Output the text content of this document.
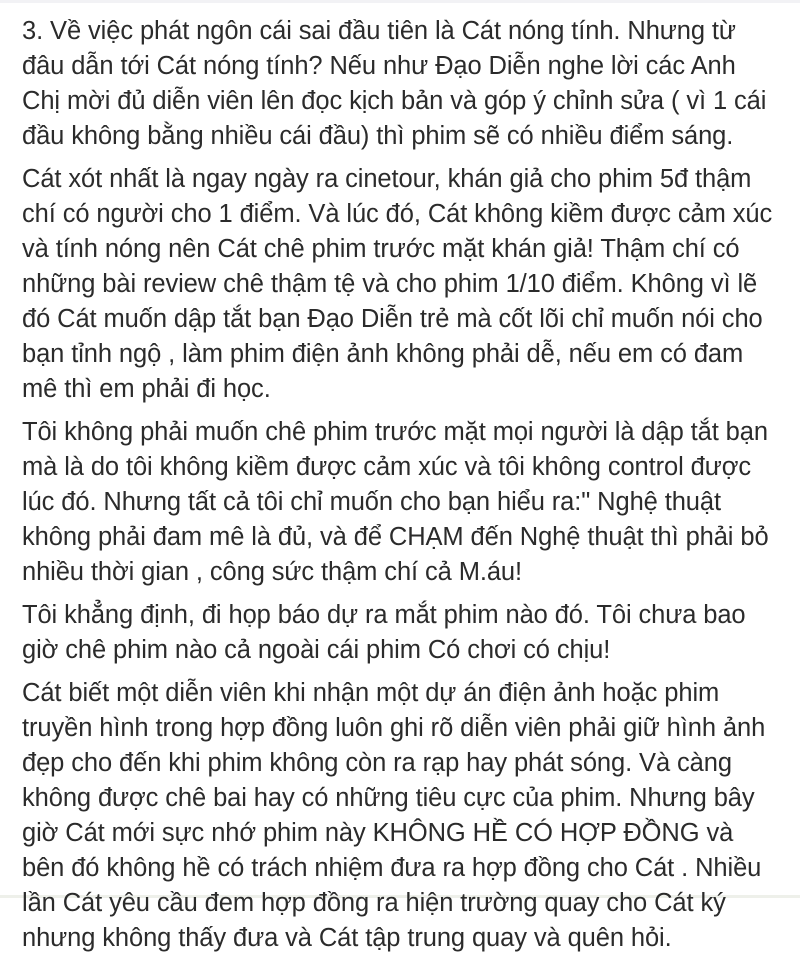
3. Về việc phát ngôn cái sai đầu tiên là Cát nóng tính. Nhưng từ đâu dẫn tới Cát nóng tính? Nếu như Đạo Diễn nghe lời các Anh Chị mời đủ diễn viên lên đọc kịch bản và góp ý chỉnh sửa ( vì 1 cái đầu không bằng nhiều cái đầu) thì phim sẽ có nhiều điểm sáng.

Cát xót nhất là ngay ngày ra cinetour, khán giả cho phim 5đ thậm chí có người cho 1 điểm. Và lúc đó, Cát không kiềm được cảm xúc và tính nóng nên Cát chê phim trước mặt khán giả! Thậm chí có những bài review chê thậm tệ và cho phim 1/10 điểm. Không vì lẽ đó Cát muốn dập tắt bạn Đạo Diễn trẻ mà cốt lõi chỉ muốn nói cho bạn tỉnh ngộ , làm phim điện ảnh không phải dễ, nếu em có đam mê thì em phải đi học.

Tôi không phải muốn chê phim trước mặt mọi người là dập tắt bạn mà là do tôi không kiềm được cảm xúc và tôi không control được lúc đó. Nhưng tất cả tôi chỉ muốn cho bạn hiểu ra:" Nghệ thuật không phải đam mê là đủ, và để CHẠM đến Nghệ thuật thì phải bỏ nhiều thời gian , công sức thậm chí cả M.áu!

Tôi khẳng định, đi họp báo dự ra mắt phim nào đó. Tôi chưa bao giờ chê phim nào cả ngoài cái phim Có chơi có chịu!

Cát biết một diễn viên khi nhận một dự án điện ảnh hoặc phim truyền hình trong hợp đồng luôn ghi rõ diễn viên phải giữ hình ảnh đẹp cho đến khi phim không còn ra rạp hay phát sóng. Và càng không được chê bai hay có những tiêu cực của phim. Nhưng bây giờ Cát mới sực nhớ phim này KHÔNG HỀ CÓ HỢP ĐỒNG và bên đó không hề có trách nhiệm đưa ra hợp đồng cho Cát . Nhiều lần Cát yêu cầu đem hợp đồng ra hiện trường quay cho Cát ký nhưng không thấy đưa và Cát tập trung quay và quên hỏi.
